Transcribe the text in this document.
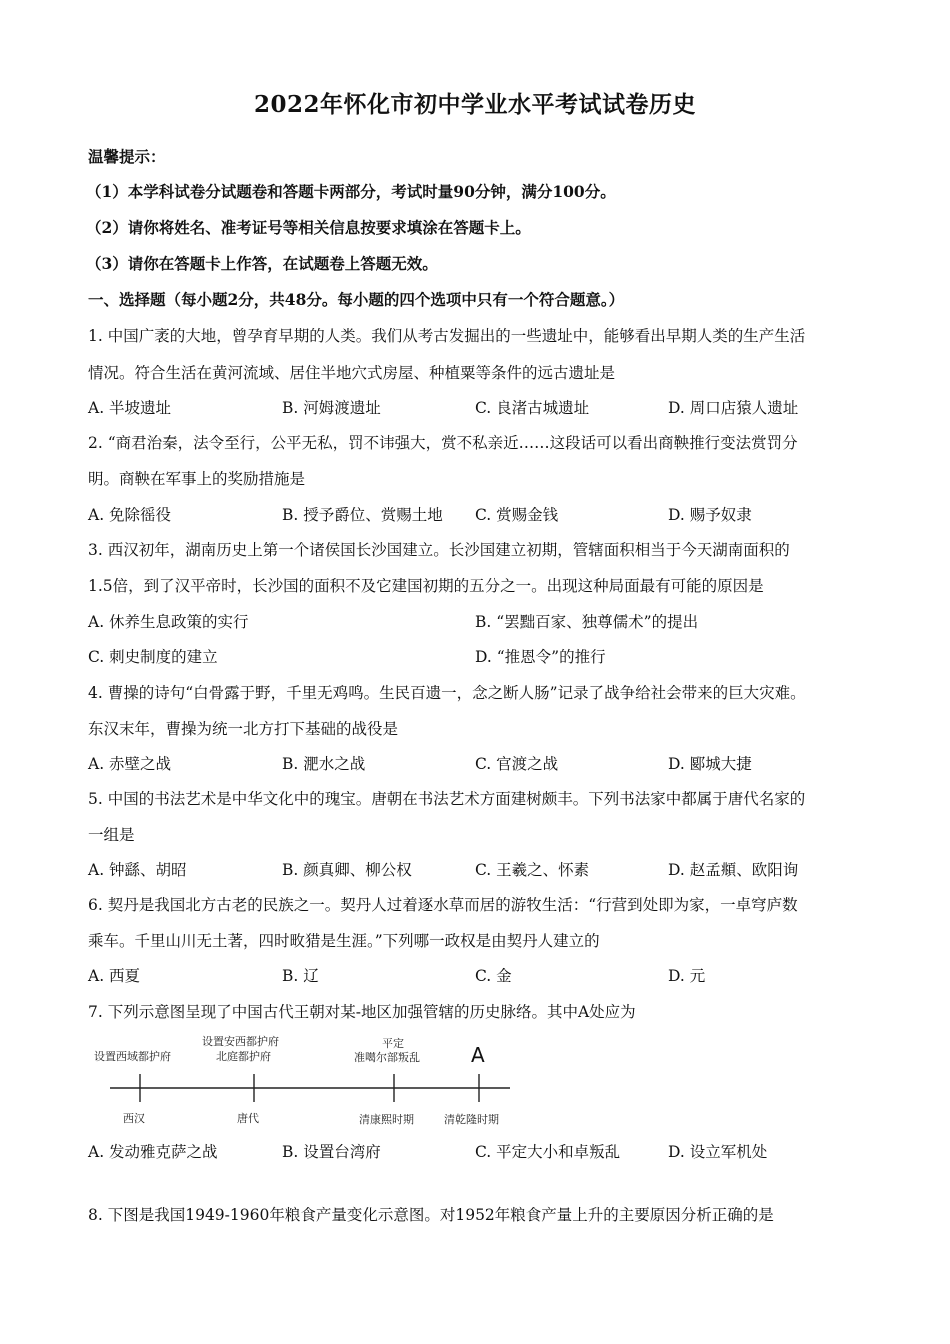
2022年怀化市初中学业水平考试试卷历史
温馨提示：
（1）本学科试卷分试题卷和答题卡两部分，考试时量90分钟，满分100分。
（2）请你将姓名、准考证号等相关信息按要求填涂在答题卡上。
（3）请你在答题卡上作答，在试题卷上答题无效。
一、选择题（每小题2分，共48分。每小题的四个选项中只有一个符合题意。）
1. 中国广袤的大地，曾孕育早期的人类。我们从考古发掘出的一些遗址中，能够看出早期人类的生产生活
情况。符合生活在黄河流域、居住半地穴式房屋、种植粟等条件的远古遗址是
A. 半坡遗址	B. 河姆渡遗址	C. 良渚古城遗址	D. 周口店猿人遗址
2. “商君治秦，法令至行，公平无私，罚不讳强大，赏不私亲近……这段话可以看出商鞅推行变法赏罚分
明。商鞅在军事上的奖励措施是
A. 免除徭役	B. 授予爵位、赏赐土地 C. 赏赐金钱	D. 赐予奴隶
3. 西汉初年，湖南历史上第一个诸侯国长沙国建立。长沙国建立初期，管辖面积相当于今天湖南面积的
1.5倍，到了汉平帝时，长沙国的面积不及它建国初期的五分之一。出现这种局面最有可能的原因是
A. 休养生息政策的实行	B. “罢黜百家、独尊儒术”的提出
C. 刺史制度的建立	D. “推恩令”的推行
4. 曹操的诗句“白骨露于野，千里无鸡鸣。生民百遗一，念之断人肠”记录了战争给社会带来的巨大灾难。
东汉末年，曹操为统一北方打下基础的战役是
A. 赤壁之战	B. 淝水之战	C. 官渡之战	D. 郾城大捷
5. 中国的书法艺术是中华文化中的瑰宝。唐朝在书法艺术方面建树颇丰。下列书法家中都属于唐代名家的
一组是
A. 钟繇、胡昭	B. 颜真卿、柳公权	C. 王羲之、怀素	D. 赵孟頫、欧阳询
6. 契丹是我国北方古老的民族之一。契丹人过着逐水草而居的游牧生活：“行营到处即为家，一卓穹庐数
乘车。千里山川无土著，四时畋猎是生涯。”下列哪一政权是由契丹人建立的
A. 西夏	B. 辽	C. 金	D. 元
7. 下列示意图呈现了中国古代王朝对某-地区加强管辖的历史脉络。其中A处应为
设置西域都护府
设置安西都护府
北庭都护府
平定
准噶尔部叛乱	A
西汉	唐代	清康熙时期	清乾隆时期
A. 发动雅克萨之战	B. 设置台湾府	C. 平定大小和卓叛乱	D. 设立军机处
8. 下图是我国1949-1960年粮食产量变化示意图。对1952年粮食产量上升的主要原因分析正确的是
